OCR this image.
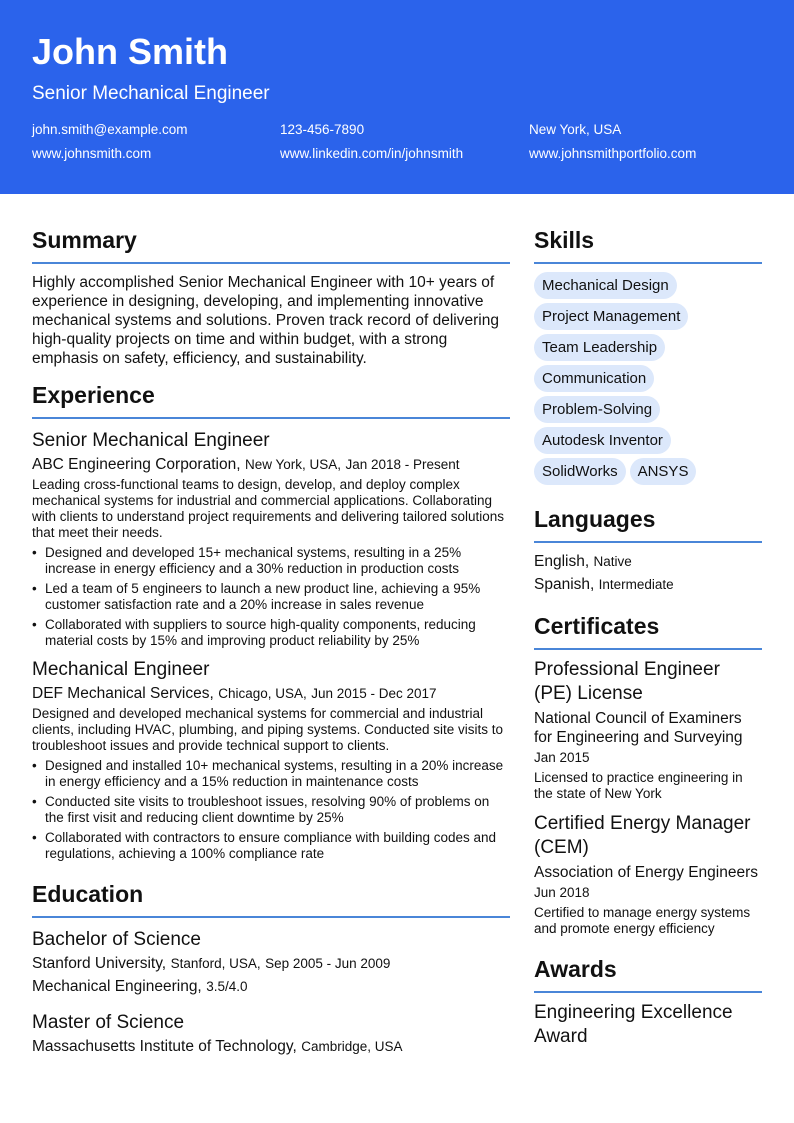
John Smith
Senior Mechanical Engineer
john.smith@example.com	123-456-7890	New York, USA
www.johnsmith.com	www.linkedin.com/in/johnsmith	www.johnsmithportfolio.com
Summary
Highly accomplished Senior Mechanical Engineer with 10+ years of experience in designing, developing, and implementing innovative mechanical systems and solutions. Proven track record of delivering high-quality projects on time and within budget, with a strong emphasis on safety, efficiency, and sustainability.
Experience
Senior Mechanical Engineer
ABC Engineering Corporation, New York, USA, Jan 2018 - Present
Leading cross-functional teams to design, develop, and deploy complex mechanical systems for industrial and commercial applications. Collaborating with clients to understand project requirements and delivering tailored solutions that meet their needs.
• Designed and developed 15+ mechanical systems, resulting in a 25% increase in energy efficiency and a 30% reduction in production costs
• Led a team of 5 engineers to launch a new product line, achieving a 95% customer satisfaction rate and a 20% increase in sales revenue
• Collaborated with suppliers to source high-quality components, reducing material costs by 15% and improving product reliability by 25%
Mechanical Engineer
DEF Mechanical Services, Chicago, USA, Jun 2015 - Dec 2017
Designed and developed mechanical systems for commercial and industrial clients, including HVAC, plumbing, and piping systems. Conducted site visits to troubleshoot issues and provide technical support to clients.
• Designed and installed 10+ mechanical systems, resulting in a 20% increase in energy efficiency and a 15% reduction in maintenance costs
• Conducted site visits to troubleshoot issues, resolving 90% of problems on the first visit and reducing client downtime by 25%
• Collaborated with contractors to ensure compliance with building codes and regulations, achieving a 100% compliance rate
Education
Bachelor of Science
Stanford University, Stanford, USA, Sep 2005 - Jun 2009
Mechanical Engineering, 3.5/4.0
Master of Science
Massachusetts Institute of Technology, Cambridge, USA
Skills
Mechanical Design
Project Management
Team Leadership
Communication
Problem-Solving
Autodesk Inventor
SolidWorks ANSYS
Languages
English, Native
Spanish, Intermediate
Certificates
Professional Engineer (PE) License
National Council of Examiners for Engineering and Surveying
Jan 2015
Licensed to practice engineering in the state of New York
Certified Energy Manager (CEM)
Association of Energy Engineers
Jun 2018
Certified to manage energy systems and promote energy efficiency
Awards
Engineering Excellence Award
